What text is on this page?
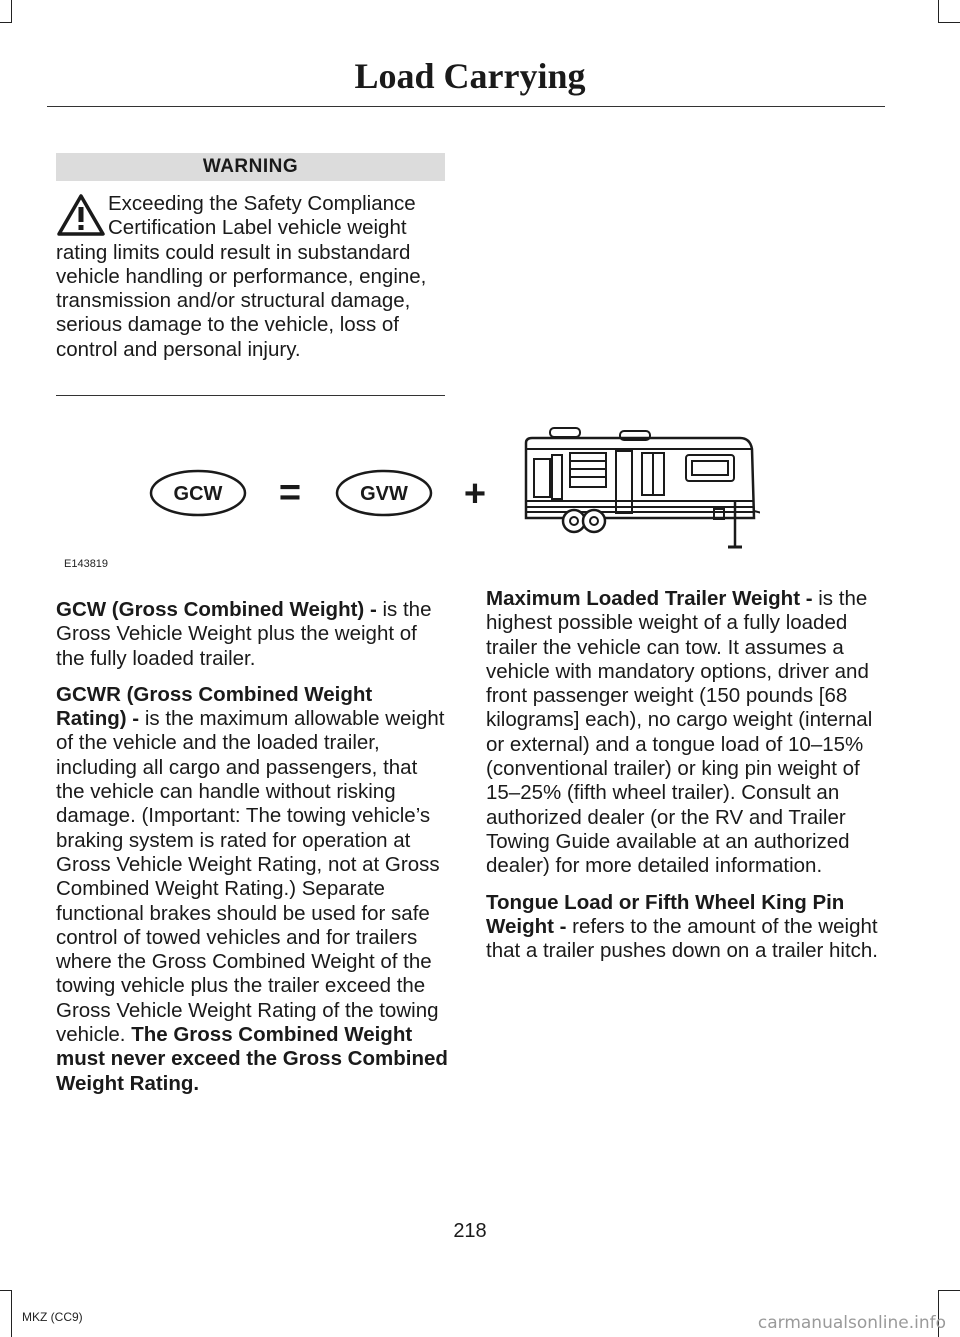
Load Carrying
WARNING

Exceeding the Safety Compliance Certification Label vehicle weight rating limits could result in substandard vehicle handling or performance, engine, transmission and/or structural damage, serious damage to the vehicle, loss of control and personal injury.

GCW =	GVW +
E143819

GCW (Gross Combined Weight) - is the Gross Vehicle Weight plus the weight of the fully loaded trailer.

GCWR (Gross Combined Weight Rating) - is the maximum allowable weight of the vehicle and the loaded trailer, including all cargo and passengers, that the vehicle can handle without risking damage. (Important: The towing vehicle’s braking system is rated for operation at Gross Vehicle Weight Rating, not at Gross Combined Weight Rating.) Separate functional brakes should be used for safe control of towed vehicles and for trailers where the Gross Combined Weight of the towing vehicle plus the trailer exceed the Gross Vehicle Weight Rating of the towing vehicle. The Gross Combined Weight must never exceed the Gross Combined Weight Rating.

Maximum Loaded Trailer Weight - is the highest possible weight of a fully loaded trailer the vehicle can tow. It assumes a vehicle with mandatory options, driver and front passenger weight (150 pounds [68 kilograms] each), no cargo weight (internal or external) and a tongue load of 10–15% (conventional trailer) or king pin weight of 15–25% (fifth wheel trailer). Consult an authorized dealer (or the RV and Trailer Towing Guide available at an authorized dealer) for more detailed information.

Tongue Load or Fifth Wheel King Pin Weight - refers to the amount of the weight that a trailer pushes down on a trailer hitch.

218
MKZ (CC9)	carmanualsonline.info
